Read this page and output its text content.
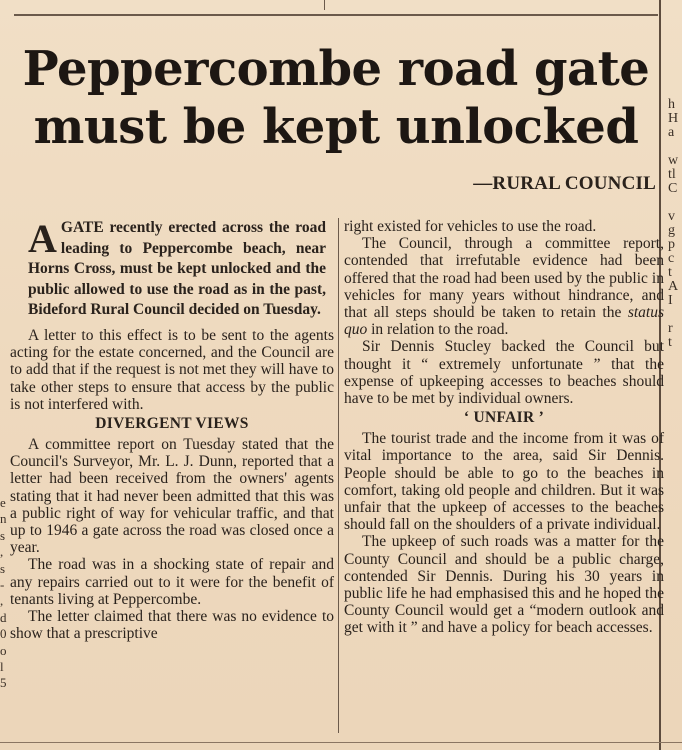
Peppercombe road gate
must be kept unlocked

—RURAL COUNCIL

AGATE recently erected across the road leading to Peppercombe beach, near Horns Cross, must be kept unlocked and the public allowed to use the road as in the past, Bideford Rural Council decided on Tuesday.

A letter to this effect is to be sent to the agents acting for the estate concerned, and the Council are to add that if the request is not met they will have to take other steps to ensure that access by the public is not interfered with.

DIVERGENT VIEWS

A committee report on Tuesday stated that the Council's Surveyor, Mr. L. J. Dunn, reported that a letter had been received from the owners' agents stating that it had never been admitted that this was a public right of way for vehicular traffic, and that up to 1946 a gate across the road was closed once a year.

The road was in a shocking state of repair and any repairs carried out to it were for the benefit of tenants living at Peppercombe.

The letter claimed that there was no evidence to show that a prescriptive

right existed for vehicles to use the road.

The Council, through a committee report, contended that irrefutable evidence had been offered that the road had been used by the public in vehicles for many years without hindrance, and that all steps should be taken to retain the status quo in relation to the road.

Sir Dennis Stucley backed the Council but thought it “ extremely unfortunate ” that the expense of upkeeping accesses to beaches should have to be met by individual owners.

‘ UNFAIR ’

The tourist trade and the income from it was of vital importance to the area, said Sir Dennis. People should be able to go to the beaches in comfort, taking old people and children. But it was unfair that the upkeep of accesses to the beaches should fall on the shoulders of a private individual.

The upkeep of such roads was a matter for the County Council and should be a public charge, contended Sir Dennis. During his 30 years in public life he had emphasised this and he hoped the County Council would get a “modern outlook and get with it ” and have a policy for beach accesses.

h
H
a

w
tl
C

v
g
p
c
t
A
I

r
t
e
n
s
,
s
-
,
d
0
o
l
5
